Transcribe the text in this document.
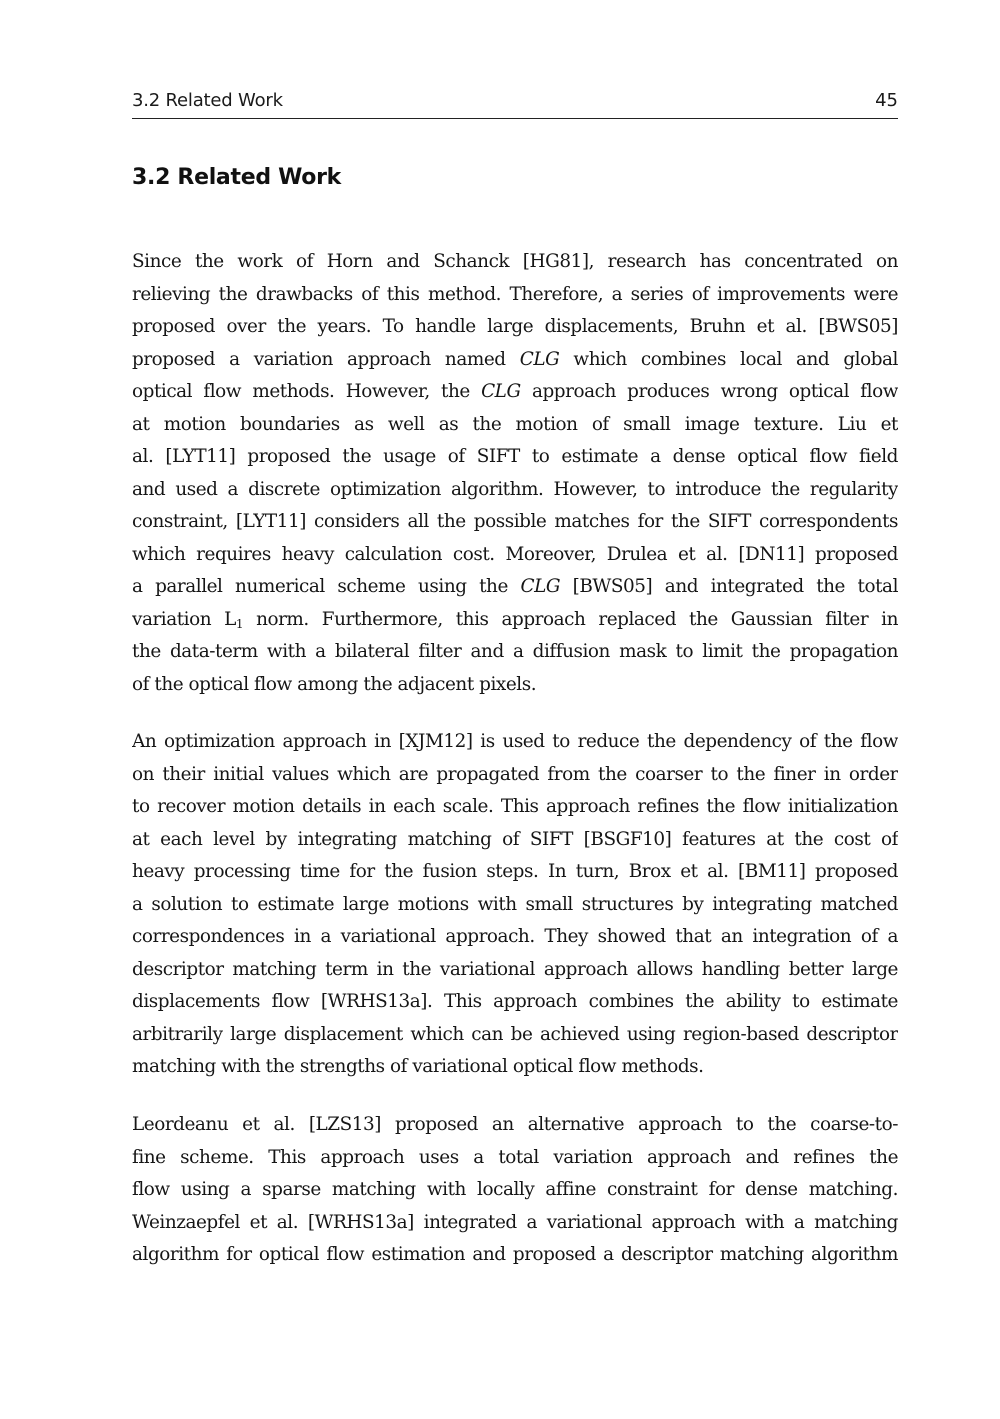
3.2 Related Work	45
3.2 Related Work
Since the work of Horn and Schanck [HG81], research has concentrated on
relieving the drawbacks of this method. Therefore, a series of improvements were
proposed over the years. To handle large displacements, Bruhn et al. [BWS05]
proposed a variation approach named CLG which combines local and global
optical flow methods. However, the CLG approach produces wrong optical flow
at motion boundaries as well as the motion of small image texture. Liu et
al. [LYT11] proposed the usage of SIFT to estimate a dense optical flow field
and used a discrete optimization algorithm. However, to introduce the regularity
constraint, [LYT11] considers all the possible matches for the SIFT correspondents
which requires heavy calculation cost. Moreover, Drulea et al. [DN11] proposed
a parallel numerical scheme using the CLG [BWS05] and integrated the total
variation $L_1$ norm. Furthermore, this approach replaced the Gaussian filter in
the data-term with a bilateral filter and a diffusion mask to limit the propagation
of the optical flow among the adjacent pixels.
An optimization approach in [XJM12] is used to reduce the dependency of the flow
on their initial values which are propagated from the coarser to the finer in order
to recover motion details in each scale. This approach refines the flow initialization
at each level by integrating matching of SIFT [BSGF10] features at the cost of
heavy processing time for the fusion steps. In turn, Brox et al. [BM11] proposed
a solution to estimate large motions with small structures by integrating matched
correspondences in a variational approach. They showed that an integration of a
descriptor matching term in the variational approach allows handling better large
displacements flow [WRHS13a]. This approach combines the ability to estimate
arbitrarily large displacement which can be achieved using region-based descriptor
matching with the strengths of variational optical flow methods.
Leordeanu et al. [LZS13] proposed an alternative approach to the coarse-to-
fine scheme. This approach uses a total variation approach and refines the
flow using a sparse matching with locally affine constraint for dense matching.
Weinzaepfel et al. [WRHS13a] integrated a variational approach with a matching
algorithm for optical flow estimation and proposed a descriptor matching algorithm
